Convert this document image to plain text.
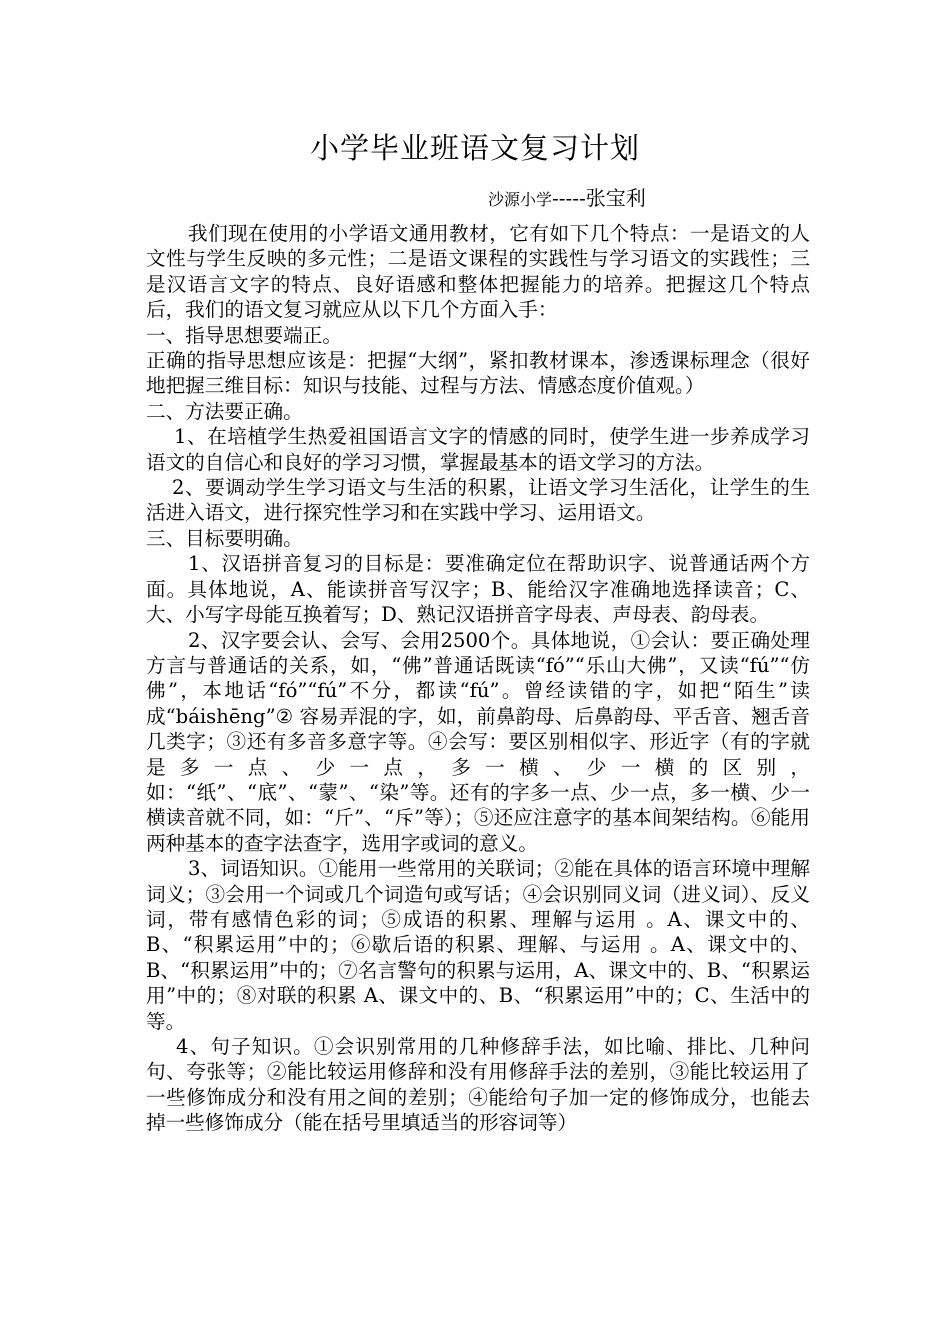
小学毕业班语文复习计划
沙源小学-----张宝利

我们现在使用的小学语文通用教材，它有如下几个特点：一是语文的人文性与学生反映的多元性；二是语文课程的实践性与学习语文的实践性；三是汉语言文字的特点、良好语感和整体把握能力的培养。把握这几个特点后，我们的语文复习就应从以下几个方面入手：

一、指导思想要端正。

正确的指导思想应该是：把握“大纲”，紧扣教材课本，渗透课标理念（很好地把握三维目标：知识与技能、过程与方法、情感态度价值观。）

二、方法要正确。

1、在培植学生热爱祖国语言文字的情感的同时，使学生进一步养成学习语文的自信心和良好的学习习惯，掌握最基本的语文学习的方法。

2、要调动学生学习语文与生活的积累，让语文学习生活化，让学生的生活进入语文，进行探究性学习和在实践中学习、运用语文。

三、目标要明确。

1、汉语拼音复习的目标是：要准确定位在帮助识字、说普通话两个方面。具体地说，A、能读拼音写汉字；B、能给汉字准确地选择读音；C、大、小写字母能互换着写；D、熟记汉语拼音字母表、声母表、韵母表。

2、汉字要会认、会写、会用2500个。具体地说，①会认：要正确处理方言与普通话的关系，如，“佛”普通话既读“fó”“乐山大佛”，又读“fú”“仿佛”，本地话“fó”“fú”不分，都读“fú”。曾经读错的字，如把“陌生”读成“báishēng”② 容易弄混的字，如，前鼻韵母、后鼻韵母、平舌音、翘舌音几类字；③还有多音多意字等。④会写：要区别相似字、形近字（有的字就是多一点、少一点，多一横、少一横的区别，如：“纸”、“底”、“蒙”、“染”等。还有的字多一点、少一点，多一横、少一横读音就不同，如：“斤”、“斥”等）；⑤还应注意字的基本间架结构。⑥能用两种基本的查字法查字，选用字或词的意义。

3、词语知识。①能用一些常用的关联词；②能在具体的语言环境中理解词义；③会用一个词或几个词造句或写话；④会识别同义词（进义词）、反义词，带有感情色彩的词；⑤成语的积累、理解与运用 。A、课文中的、B、“积累运用”中的；⑥歇后语的积累、理解、与运用 。A、课文中的、B、“积累运用”中的；⑦名言警句的积累与运用，A、课文中的、B、“积累运用”中的；⑧对联的积累 A、课文中的、B、“积累运用”中的；C、生活中的等。

4、句子知识。①会识别常用的几种修辞手法，如比喻、排比、几种问句、夸张等；②能比较运用修辞和没有用修辞手法的差别，③能比较运用了一些修饰成分和没有用之间的差别；④能给句子加一定的修饰成分，也能去掉一些修饰成分（能在括号里填适当的形容词等）
